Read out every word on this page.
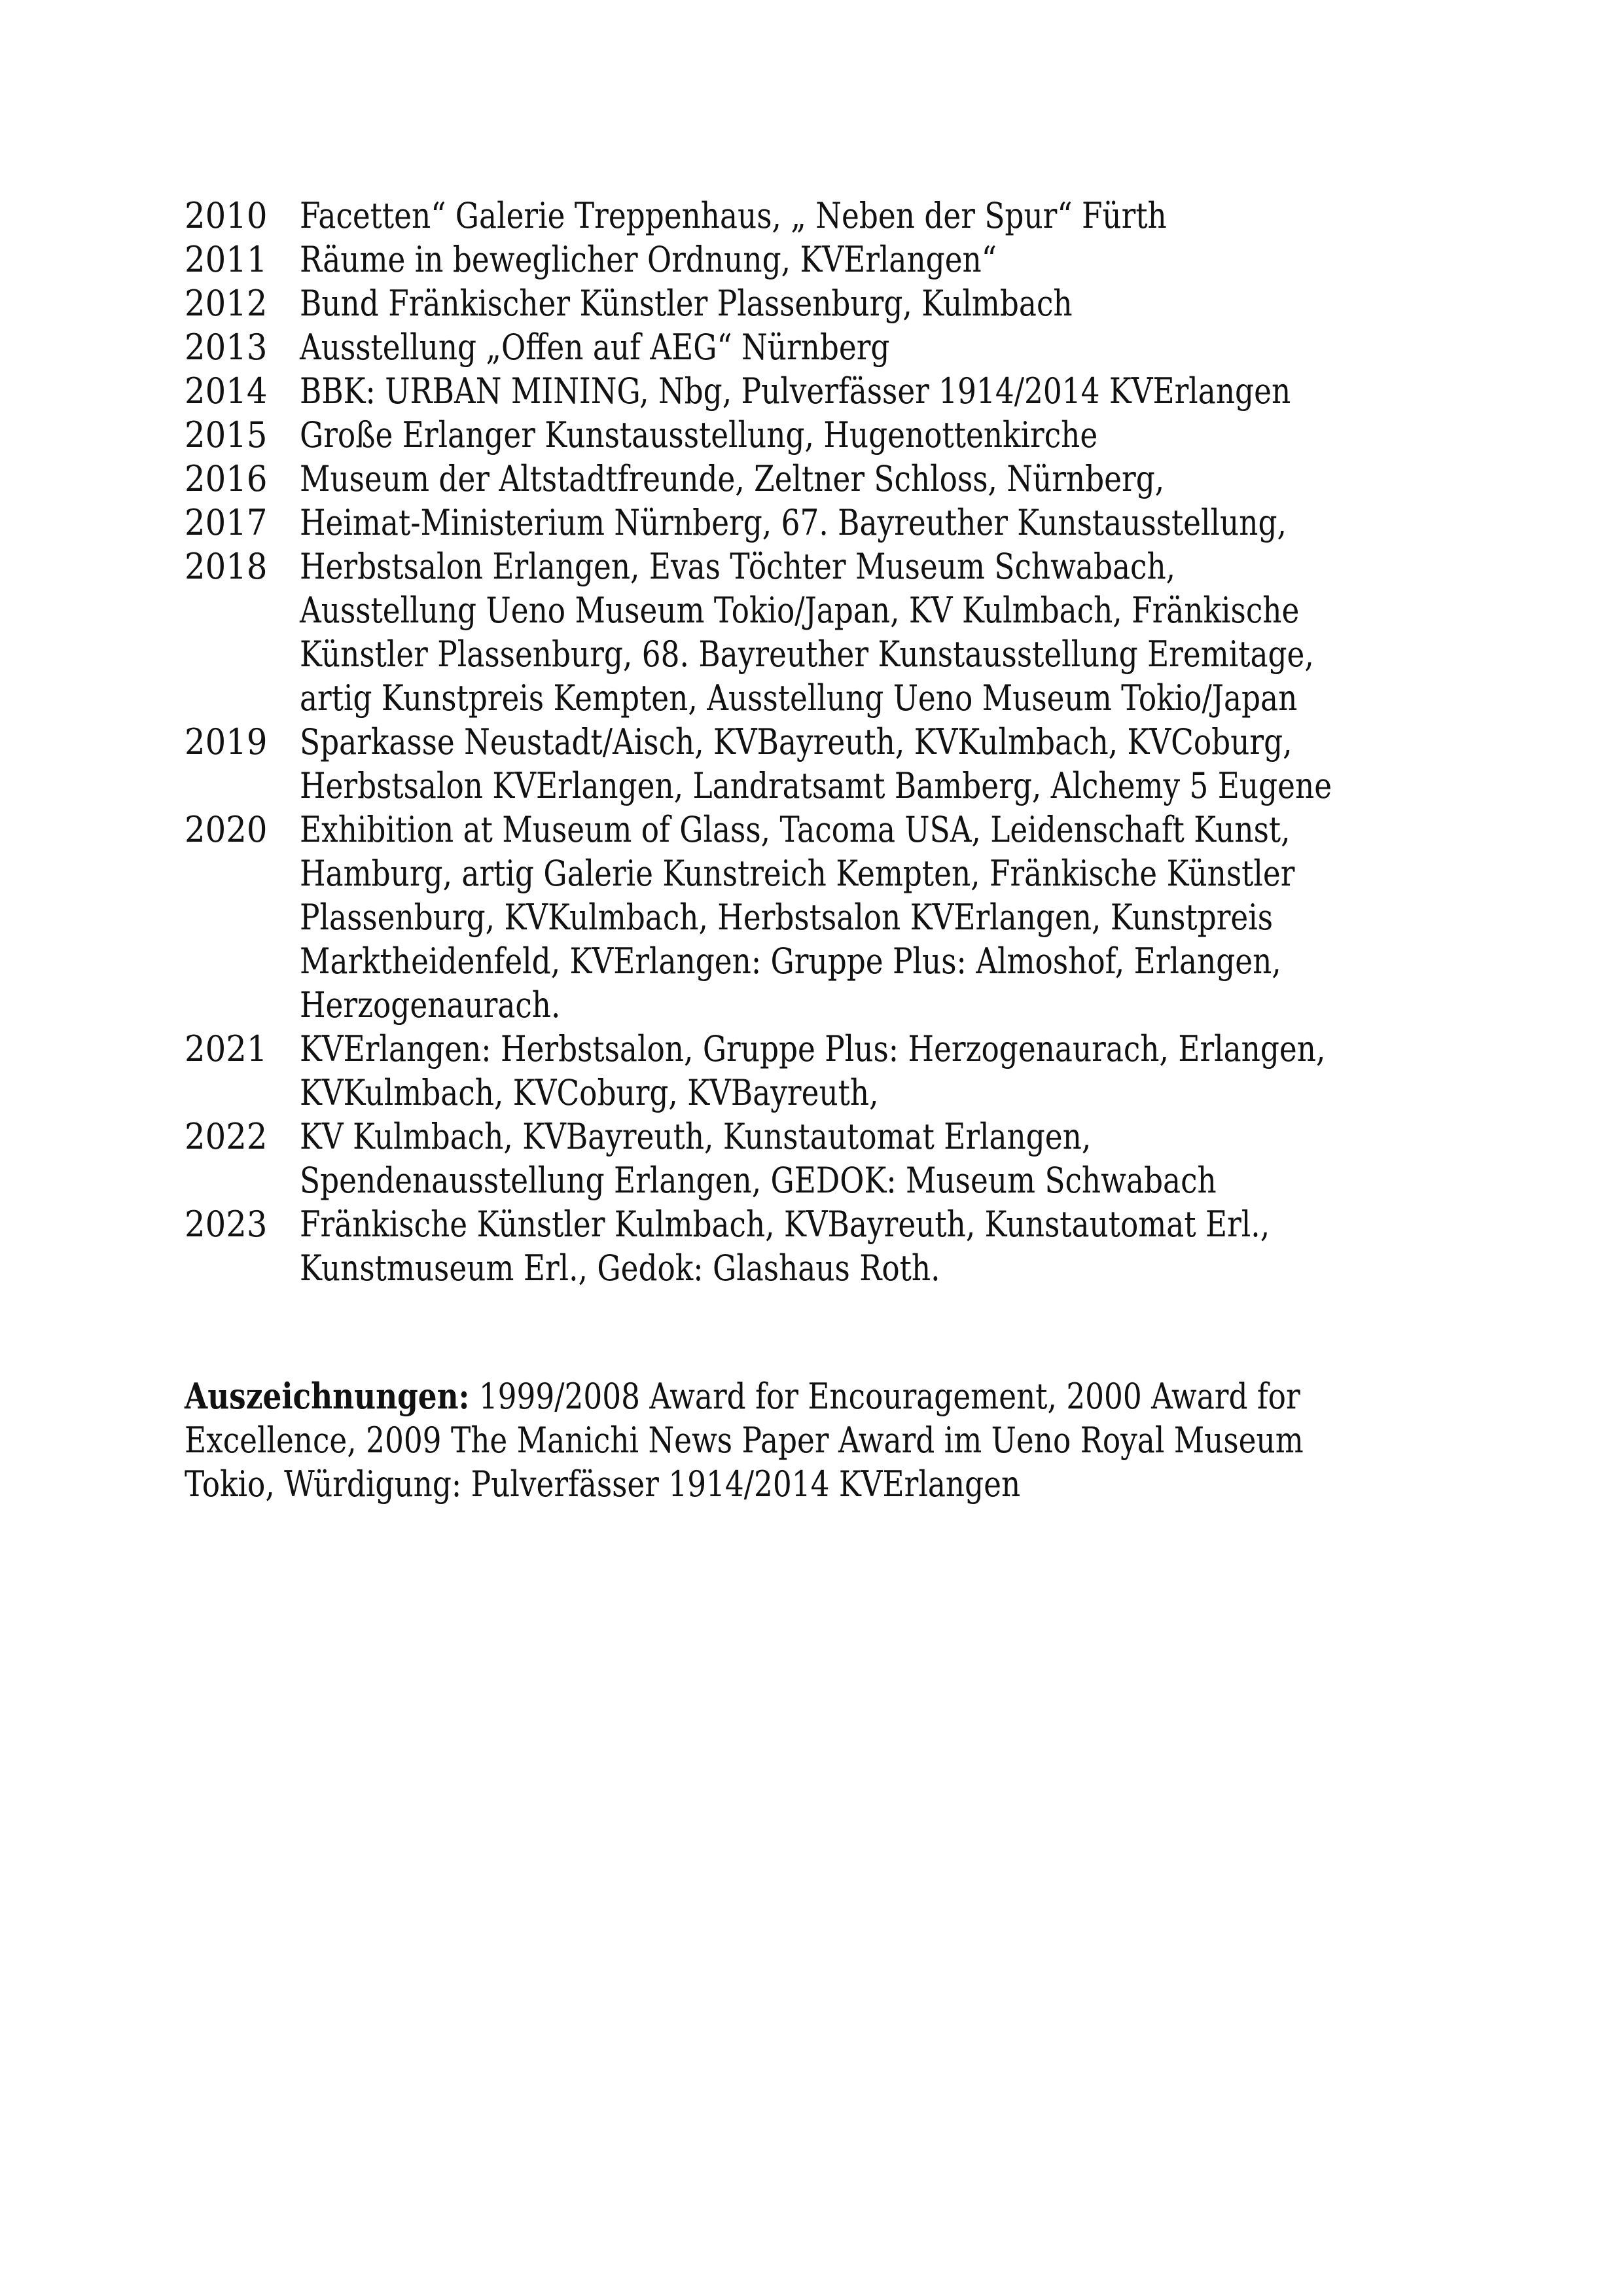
2010 Facetten“ Galerie Treppenhaus, „ Neben der Spur“ Fürth
2011 Räume in beweglicher Ordnung, KVErlangen“
2012 Bund Fränkischer Künstler Plassenburg, Kulmbach
2013 Ausstellung „Offen auf AEG“ Nürnberg
2014 BBK: URBAN MINING, Nbg, Pulverfässer 1914/2014 KVErlangen
2015 Große Erlanger Kunstausstellung, Hugenottenkirche
2016 Museum der Altstadtfreunde, Zeltner Schloss, Nürnberg,
2017 Heimat-Ministerium Nürnberg, 67. Bayreuther Kunstausstellung,
2018 Herbstsalon Erlangen, Evas Töchter Museum Schwabach,
Ausstellung Ueno Museum Tokio/Japan, KV Kulmbach, Fränkische
Künstler Plassenburg, 68. Bayreuther Kunstausstellung Eremitage,
artig Kunstpreis Kempten, Ausstellung Ueno Museum Tokio/Japan
2019 Sparkasse Neustadt/Aisch, KVBayreuth, KVKulmbach, KVCoburg,
Herbstsalon KVErlangen, Landratsamt Bamberg, Alchemy 5 Eugene
2020 Exhibition at Museum of Glass, Tacoma USA, Leidenschaft Kunst,
Hamburg, artig Galerie Kunstreich Kempten, Fränkische Künstler
Plassenburg, KVKulmbach, Herbstsalon KVErlangen, Kunstpreis
Marktheidenfeld, KVErlangen: Gruppe Plus: Almoshof, Erlangen,
Herzogenaurach.
2021 KVErlangen: Herbstsalon, Gruppe Plus: Herzogenaurach, Erlangen,
KVKulmbach, KVCoburg, KVBayreuth,
2022 KV Kulmbach, KVBayreuth, Kunstautomat Erlangen,
Spendenausstellung Erlangen, GEDOK: Museum Schwabach
2023 Fränkische Künstler Kulmbach, KVBayreuth, Kunstautomat Erl.,
Kunstmuseum Erl., Gedok: Glashaus Roth.
Auszeichnungen: 1999/2008 Award for Encouragement, 2000 Award for
Excellence, 2009 The Manichi News Paper Award im Ueno Royal Museum
Tokio, Würdigung: Pulverfässer 1914/2014 KVErlangen
